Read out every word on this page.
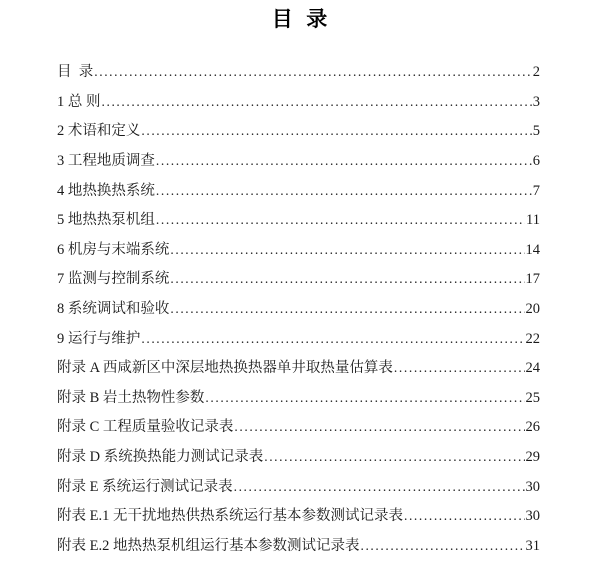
目  录
目  录 .....	2
1 总 则 .....	3
2 术语和定义 .....	5
3 工程地质调查 .....	6
4 地热换热系统 .....	7
5 地热热泵机组 .....	11
6 机房与末端系统 .....	14
7 监测与控制系统 .....	17
8 系统调试和验收 .....	20
9 运行与维护 .....	22
附录 A 西咸新区中深层地热换热器单井取热量估算表 .....	24
附录 B 岩土热物性参数 .....	25
附录 C 工程质量验收记录表 .....	26
附录 D 系统换热能力测试记录表 .....	29
附录 E 系统运行测试记录表 .....	30
附表 E.1 无干扰地热供热系统运行基本参数测试记录表 .....	30
附表 E.2 地热热泵机组运行基本参数测试记录表 .....	31
